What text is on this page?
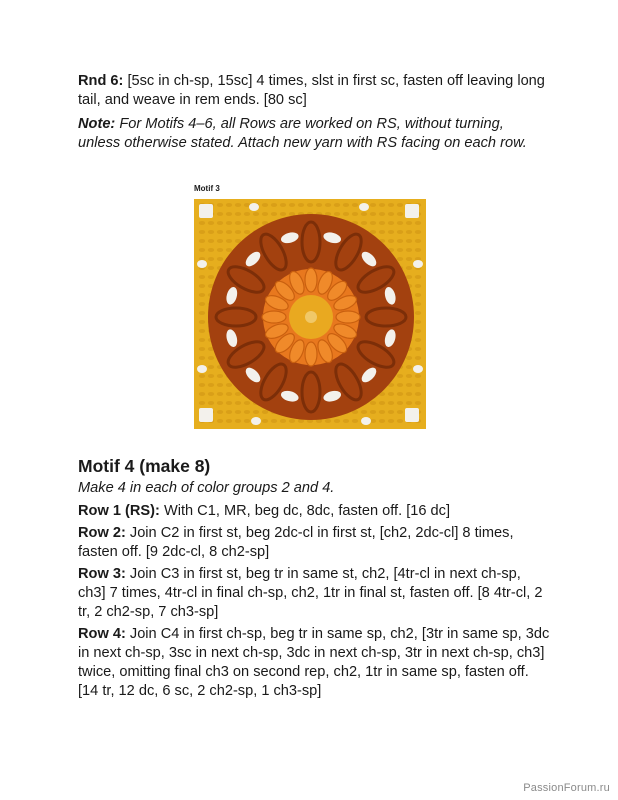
Rnd 6: [5sc in ch-sp, 15sc] 4 times, slst in first sc, fasten off leaving long tail, and weave in rem ends. [80 sc]

Note: For Motifs 4–6, all Rows are worked on RS, without turning, unless otherwise stated. Attach new yarn with RS facing on each row.

Motif 3
Motif 4 (make 8)

Make 4 in each of color groups 2 and 4.

Row 1 (RS): With C1, MR, beg dc, 8dc, fasten off. [16 dc]

Row 2: Join C2 in first st, beg 2dc-cl in first st, [ch2, 2dc-cl] 8 times, fasten off. [9 2dc-cl, 8 ch2-sp]

Row 3: Join C3 in first st, beg tr in same st, ch2, [4tr-cl in next ch-sp, ch3] 7 times, 4tr-cl in final ch-sp, ch2, 1tr in final st, fasten off. [8 4tr-cl, 2 tr, 2 ch2-sp, 7 ch3-sp]

Row 4: Join C4 in first ch-sp, beg tr in same sp, ch2, [3tr in same sp, 3dc in next ch-sp, 3sc in next ch-sp, 3dc in next ch-sp, 3tr in next ch-sp, ch3] twice, omitting final ch3 on second rep, ch2, 1tr in same sp, fasten off. [14 tr, 12 dc, 6 sc, 2 ch2-sp, 1 ch3-sp]

PassionForum.ru
